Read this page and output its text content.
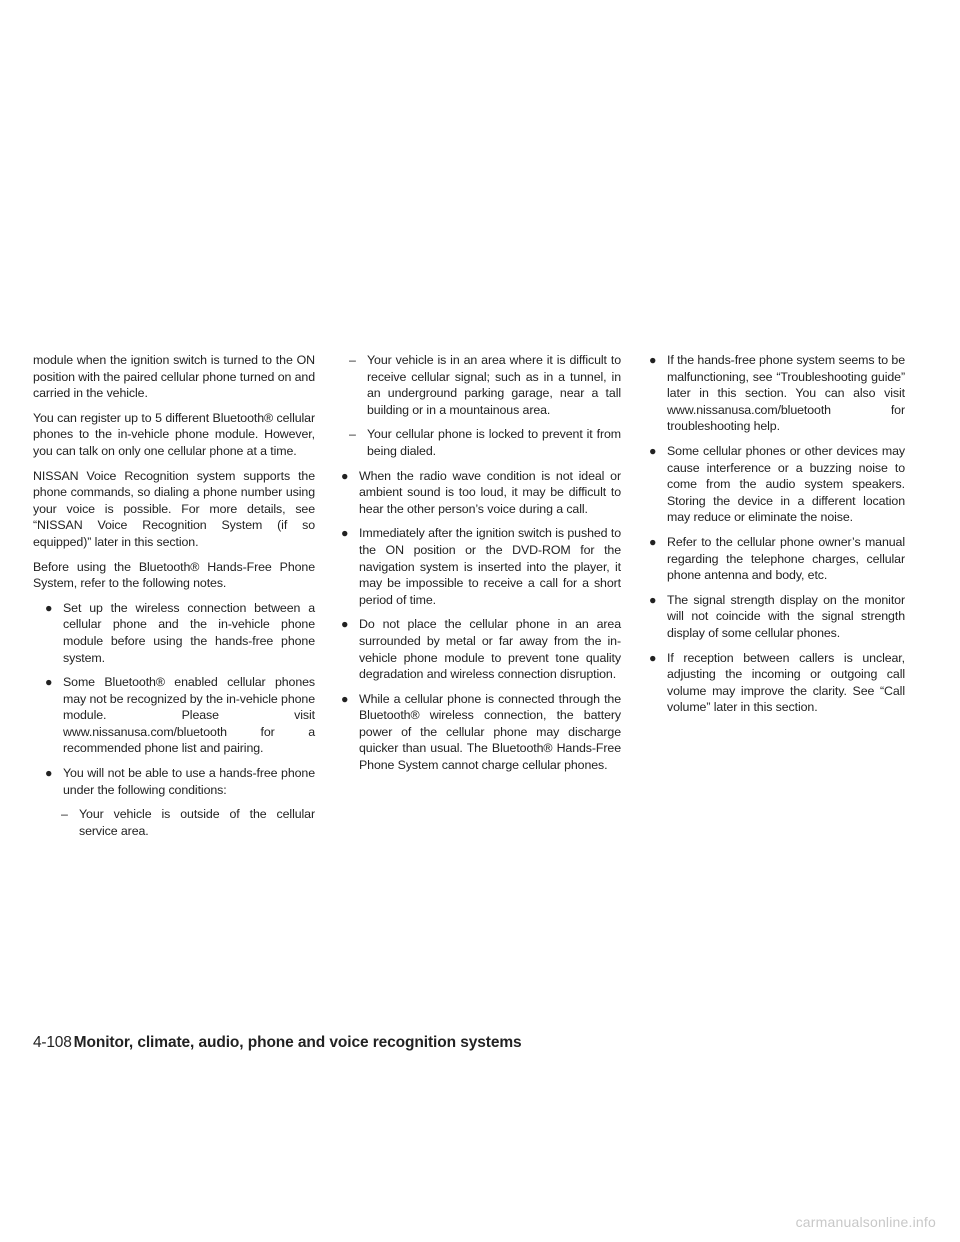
module when the ignition switch is turned to the ON position with the paired cellular phone turned on and carried in the vehicle.

You can register up to 5 different Bluetooth® cellular phones to the in-vehicle phone module. However, you can talk on only one cellular phone at a time.

NISSAN Voice Recognition system supports the phone commands, so dialing a phone number using your voice is possible. For more details, see “NISSAN Voice Recognition System (if so equipped)” later in this section.

Before using the Bluetooth® Hands-Free Phone System, refer to the following notes.

● Set up the wireless connection between a cellular phone and the in-vehicle phone module before using the hands-free phone system.
● Some Bluetooth® enabled cellular phones may not be recognized by the in-vehicle phone module. Please visit www.nissanusa.com/bluetooth for a recommended phone list and pairing.
● You will not be able to use a hands-free phone under the following conditions:
– Your vehicle is outside of the cellular service area.
– Your vehicle is in an area where it is difficult to receive cellular signal; such as in a tunnel, in an underground parking garage, near a tall building or in a mountainous area.
– Your cellular phone is locked to prevent it from being dialed.
● When the radio wave condition is not ideal or ambient sound is too loud, it may be difficult to hear the other person’s voice during a call.
● Immediately after the ignition switch is pushed to the ON position or the DVD-ROM for the navigation system is inserted into the player, it may be impossible to receive a call for a short period of time.
● Do not place the cellular phone in an area surrounded by metal or far away from the in-vehicle phone module to prevent tone quality degradation and wireless connection disruption.
● While a cellular phone is connected through the Bluetooth® wireless connection, the battery power of the cellular phone may discharge quicker than usual. The Bluetooth® Hands-Free Phone System cannot charge cellular phones.
● If the hands-free phone system seems to be malfunctioning, see “Troubleshooting guide” later in this section. You can also visit www.nissanusa.com/bluetooth for troubleshooting help.
● Some cellular phones or other devices may cause interference or a buzzing noise to come from the audio system speakers. Storing the device in a different location may reduce or eliminate the noise.
● Refer to the cellular phone owner’s manual regarding the telephone charges, cellular phone antenna and body, etc.
● The signal strength display on the monitor will not coincide with the signal strength display of some cellular phones.
● If reception between callers is unclear, adjusting the incoming or outgoing call volume may improve the clarity. See “Call volume” later in this section.
4-108 Monitor, climate, audio, phone and voice recognition systems
carmanualsonline.info
